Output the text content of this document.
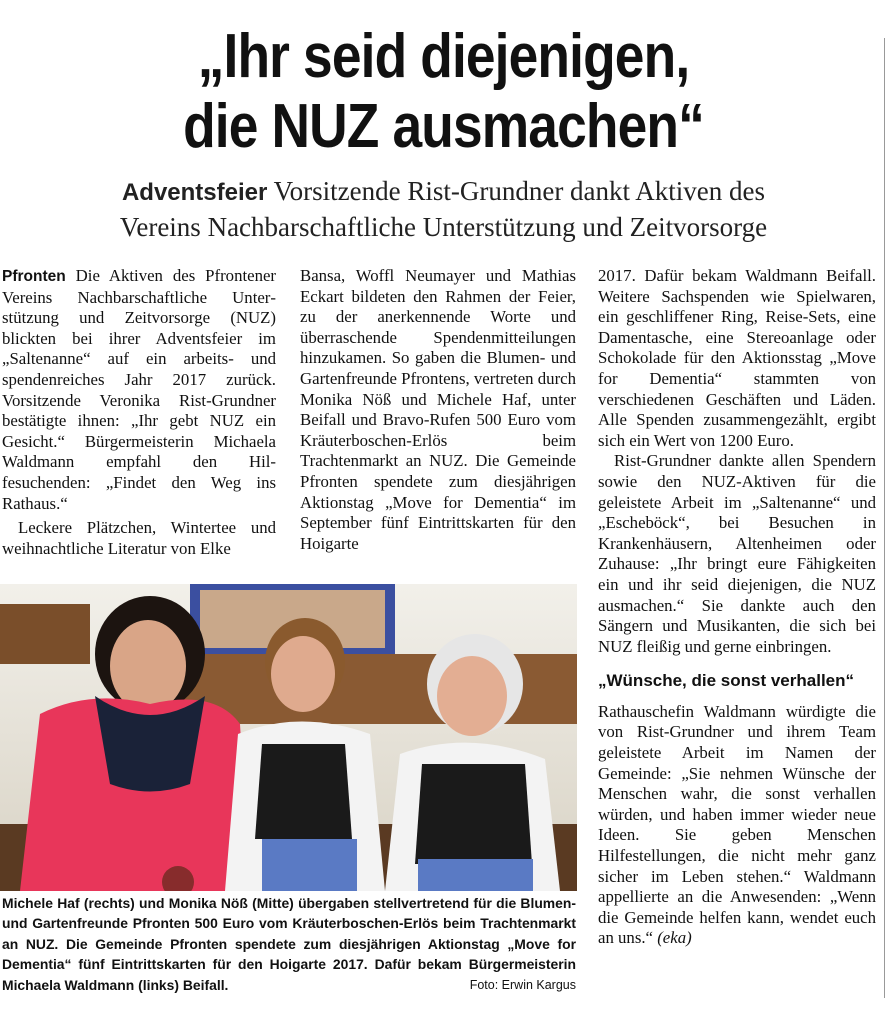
„Ihr seid diejenigen,
die NUZ ausmachen“
Adventsfeier Vorsitzende Rist-Grundner dankt Aktiven des
Vereins Nachbarschaftliche Unterstützung und Zeitvorsorge

Pfronten Die Aktiven des Pfrontener Vereins Nachbarschaftliche Unterstützung und Zeitvorsorge (NUZ) blickten bei ihrer Adventsfeier im „Saltenanne“ auf ein arbeits- und spendenreiches Jahr 2017 zurück. Vorsitzende Veronika Rist-Grundner bestätigte ihnen: „Ihr gebt NUZ ein Gesicht.“ Bürgermeisterin Michaela Waldmann empfahl den Hilfesuchenden: „Findet den Weg ins Rathaus.“

Leckere Plätzchen, Wintertee und weihnachtliche Literatur von Elke

Bansa, Woffl Neumayer und Mathias Eckart bildeten den Rahmen der Feier, zu der anerkennende Worte und überraschende Spendenmitteilungen hinzukamen. So gaben die Blumen- und Gartenfreunde Pfrontens, vertreten durch Monika Nöß und Michele Haf, unter Beifall und Bravo-Rufen 500 Euro vom Kräuterboschen-Erlös beim Trachtenmarkt an NUZ. Die Gemeinde Pfronten spendete zum diesjährigen Aktionstag „Move for Dementia“ im September fünf Eintrittskarten für den Hoigarte

2017. Dafür bekam Waldmann Beifall. Weitere Sachspenden wie Spielwaren, ein geschliffener Ring, Reise-Sets, eine Damentasche, eine Stereoanlage oder Schokolade für den Aktionsstag „Move for Dementia“ stammten von verschiedenen Geschäften und Läden. Alle Spenden zusammengezählt, ergibt sich ein Wert von 1200 Euro.

Rist-Grundner dankte allen Spendern sowie den NUZ-Aktiven für die geleistete Arbeit im „Saltenanne“ und „Escheböck“, bei Besuchen in Krankenhäusern, Altenheimen oder Zuhause: „Ihr bringt eure Fähigkeiten ein und ihr seid diejenigen, die NUZ ausmachen.“ Sie dankte auch den Sängern und Musikanten, die sich bei NUZ fleißig und gerne einbringen.

„Wünsche, die sonst verhallen“

Rathauschefin Waldmann würdigte die von Rist-Grundner und ihrem Team geleistete Arbeit im Namen der Gemeinde: „Sie nehmen Wünsche der Menschen wahr, die sonst verhallen würden, und haben immer wieder neue Ideen. Sie geben Menschen Hilfestellungen, die nicht mehr ganz sicher im Leben stehen.“ Waldmann appellierte an die Anwesenden: „Wenn die Gemeinde helfen kann, wendet euch an uns.“ (eka)

Michele Haf (rechts) und Monika Nöß (Mitte) übergaben stellvertretend für die Blumen- und Gartenfreunde Pfronten 500 Euro vom Kräuterboschen-Erlös beim Trachtenmarkt an NUZ. Die Gemeinde Pfronten spendete zum diesjährigen Aktionstag „Move for Dementia“ fünf Eintrittskarten für den Hoigarte 2017. Dafür bekam Bürgermeisterin Michaela Waldmann (links) Beifall.	Foto: Erwin Kargus
